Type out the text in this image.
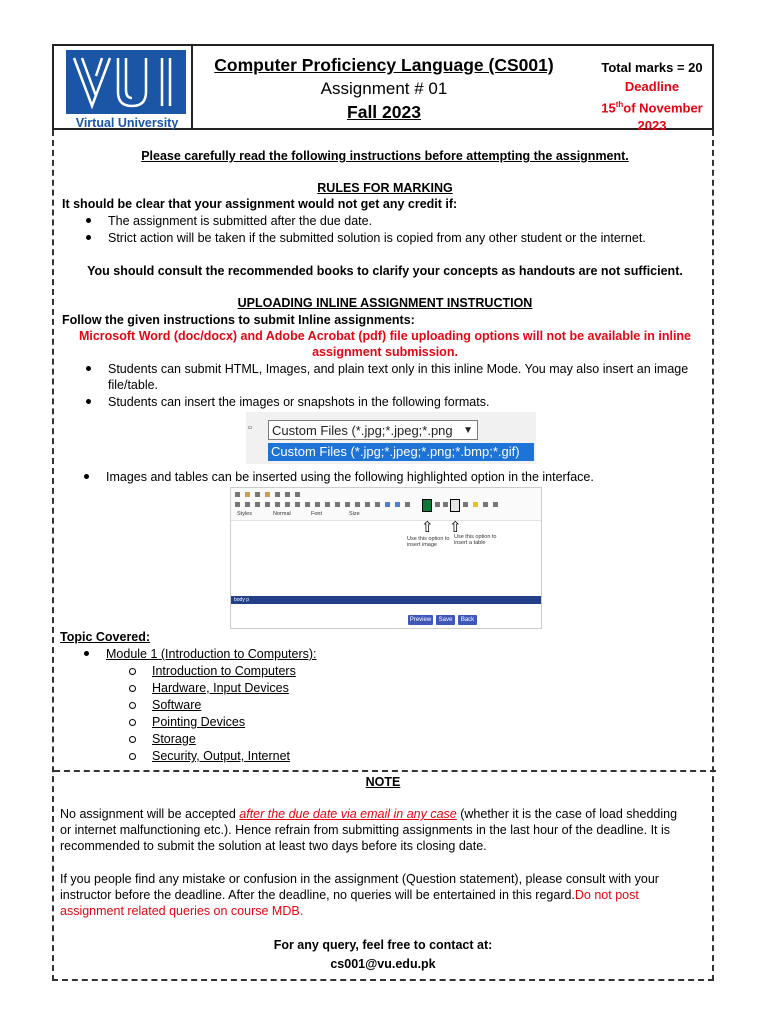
Virtual University
Computer Proficiency Language (CS001)
Assignment # 01
Fall 2023
Total marks = 20
Deadline
15thof November
2023
Please carefully read the following instructions before attempting the assignment.
RULES FOR MARKING
It should be clear that your assignment would not get any credit if:
The assignment is submitted after the due date.
Strict action will be taken if the submitted solution is copied from any other student or the internet.
You should consult the recommended books to clarify your concepts as handouts are not sufficient.
UPLOADING INLINE ASSIGNMENT INSTRUCTION
Follow the given instructions to submit Inline assignments:
Microsoft Word (doc/docx) and Adobe Acrobat (pdf) file uploading options will not be available in inline
assignment submission.
Students can submit HTML, Images, and plain text only in this inline Mode. You may also insert an image
file/table.
Students can insert the images or snapshots in the following formats.
▫	Custom Files (*.jpg;*.jpeg;*.png ▼
Custom Files (*.jpg;*.jpeg;*.png;*.bmp;*.gif)
Images and tables can be inserted using the following highlighted option in the interface.
Styles	Normal	Font	Size
⇧ ⇧
Use this option to insert image
Use this option to insert a table
body p
Preview	Save	Back
Topic Covered:
Module 1 (Introduction to Computers):
Introduction to Computers
Hardware, Input Devices
Software
Pointing Devices
Storage
Security, Output, Internet
NOTE
No assignment will be accepted after the due date via email in any case (whether it is the case of load shedding
or internet malfunctioning etc.). Hence refrain from submitting assignments in the last hour of the deadline. It is
recommended to submit the solution at least two days before its closing date.
If you people find any mistake or confusion in the assignment (Question statement), please consult with your
instructor before the deadline. After the deadline, no queries will be entertained in this regard.Do not post
assignment related queries on course MDB.
For any query, feel free to contact at:
cs001@vu.edu.pk
